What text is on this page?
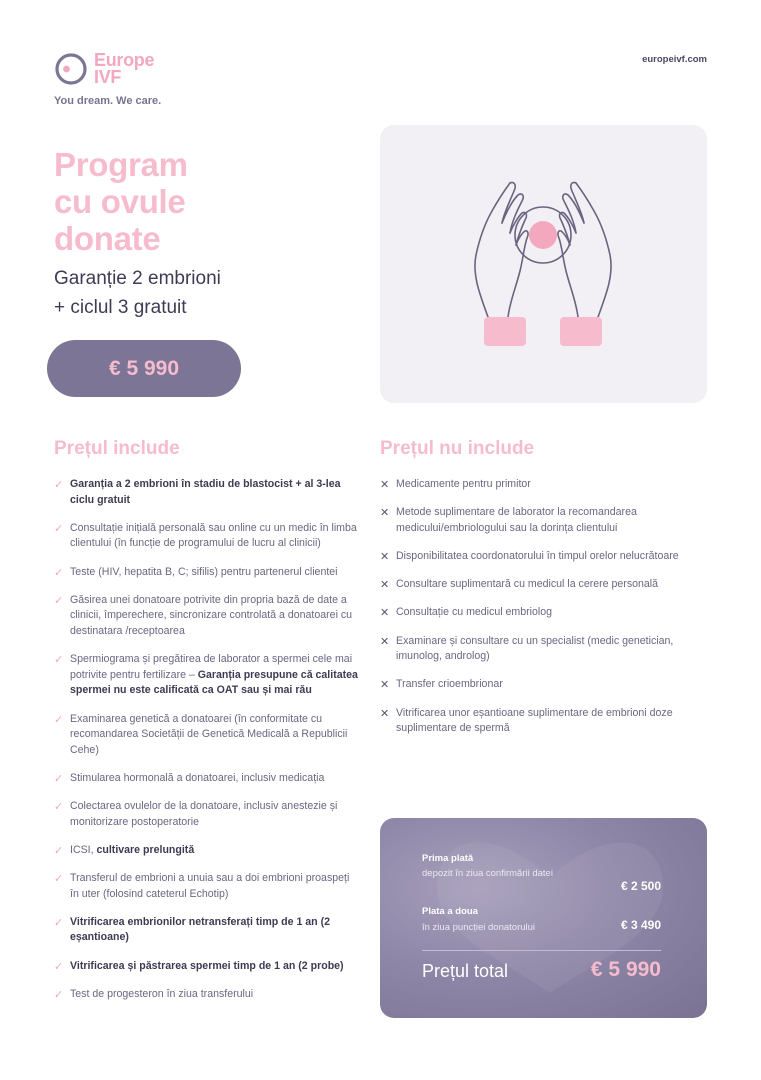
Europe
IVF
You dream. We care.
europeivf.com
Program
cu ovule
donate
Garanție 2 embrioni
+ ciclul 3 gratuit
€ 5 990
Prețul include
✓ Garanția a 2 embrioni în stadiu de blastocist + al 3-lea ciclu gratuit
✓ Consultație inițială personală sau online cu un medic în limba clientului (în funcție de programului de lucru al clinicii)
✓ Teste (HIV, hepatita B, C; sifilis) pentru partenerul clientei
✓ Găsirea unei donatoare potrivite din propria bază de date a clinicii, împerechere, sincronizare controlată a donatoarei cu destinatara /receptoarea
✓ Spermiograma și pregătirea de laborator a spermei cele mai potrivite pentru fertilizare – Garanția presupune că calitatea spermei nu este calificată ca OAT sau și mai rău
✓ Examinarea genetică a donatoarei (în conformitate cu recomandarea Societății de Genetică Medicală a Republicii Cehe)
✓ Stimularea hormonală a donatoarei, inclusiv medicația
✓ Colectarea ovulelor de la donatoare, inclusiv anestezie și monitorizare postoperatorie
✓ ICSI, cultivare prelungită
✓ Transferul de embrioni a unuia sau a doi embrioni proaspeți în uter (folosind cateterul Echotip)
✓ Vitrificarea embrionilor netransferați timp de 1 an (2 eșantioane)
✓ Vitrificarea și păstrarea spermei timp de 1 an (2 probe)
✓ Test de progesteron în ziua transferului
Prețul nu include
✕ Medicamente pentru primitor
✕ Metode suplimentare de laborator la recomandarea medicului/embriologului sau la dorința clientului
✕ Disponibilitatea coordonatorului în timpul orelor nelucrătoare
✕ Consultare suplimentară cu medicul la cerere personală
✕ Consultație cu medicul embriolog
✕ Examinare și consultare cu un specialist (medic genetician, imunolog, androlog)
✕ Transfer crioembrionar
✕ Vitrificarea unor eșantioane suplimentare de embrioni doze suplimentare de spermă
Prima plată
depozit în ziua confirmării datei
€ 2 500
Plata a doua
în ziua puncției donatorului	€ 3 490
Prețul total	€ 5 990
